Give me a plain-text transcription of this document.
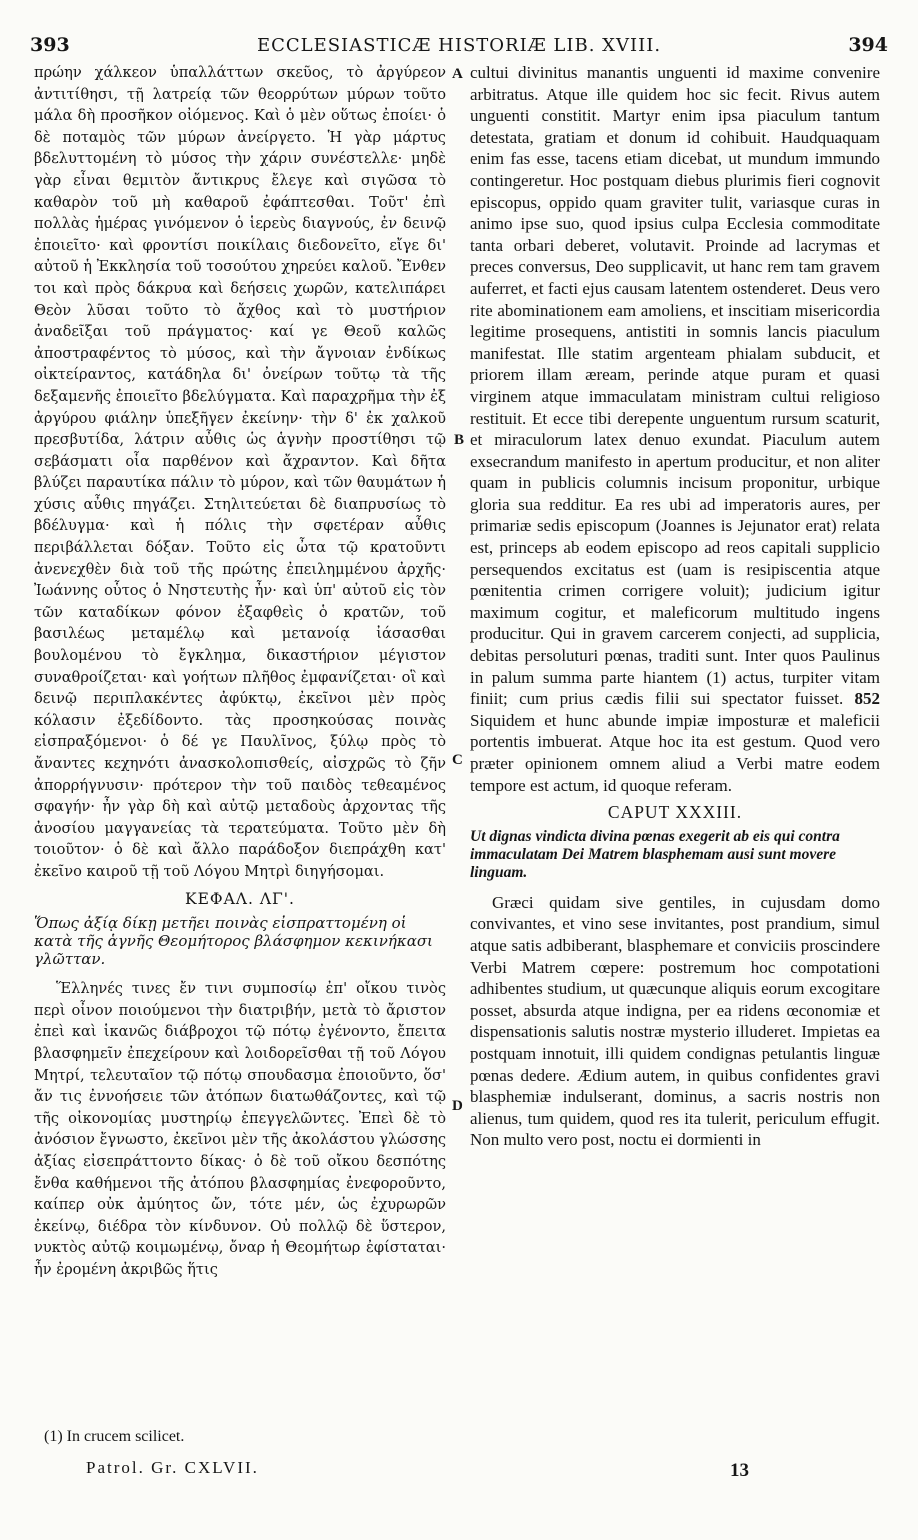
393	ECCLESIASTICÆ HISTORIÆ LIB. XVIII.	394

πρώην χάλκεον ὑπαλλάττων σκεῦος, τὸ ἀργύρεον ἀντιτίθησι, τῇ λατρείᾳ τῶν θεορρύτων μύρων τοῦτο μάλα δὴ προσῆκον οἰόμενος. Καὶ ὁ μὲν οὕτως ἐποίει· ὁ δὲ ποταμὸς τῶν μύρων ἀνείργετο. Ἡ γὰρ μάρτυς βδελυττομένη τὸ μύσος τὴν χάριν συνέστελλε· μηδὲ γὰρ εἶναι θεμιτὸν ἄντικρυς ἔλεγε καὶ σιγῶσα τὸ καθαρὸν τοῦ μὴ καθαροῦ ἐφάπτεσθαι. Τοῦτ' ἐπὶ πολλὰς ἡμέρας γινόμενον ὁ ἱερεὺς διαγνούς, ἐν δεινῷ ἐποιεῖτο· καὶ φροντίσι ποικίλαις διεδονεῖτο, εἴγε δι' αὐτοῦ ἡ Ἐκκλησία τοῦ τοσούτου χηρεύει καλοῦ. Ἔνθεν τοι καὶ πρὸς δάκρυα καὶ δεήσεις χωρῶν, κατελιπάρει Θεὸν λῦσαι τοῦτο τὸ ἄχθος καὶ τὸ μυστήριον ἀναδεῖξαι τοῦ πράγματος· καί γε Θεοῦ καλῶς ἀποστραφέντος τὸ μύσος, καὶ τὴν ἄγνοιαν ἐνδίκως οἰκτείραντος, κατάδηλα δι' ὀνείρων τοῦτῳ τὰ τῆς δεξαμενῆς ἐποιεῖτο βδελύγματα. Καὶ παραχρῆμα τὴν ἐξ ἀργύρου φιάλην ὑπεξῆγεν ἐκείνην· τὴν δ' ἐκ χαλκοῦ πρεσβυτίδα, λάτριν αὖθις ὡς ἁγνὴν προστίθησι τῷ σεβάσματι οἷα παρθένον καὶ ἄχραντον. Καὶ δῆτα βλύζει παραυτίκα πάλιν τὸ μύρον, καὶ τῶν θαυμάτων ἡ χύσις αὖθις πηγάζει. Στηλιτεύεται δὲ διαπρυσίως τὸ βδέλυγμα· καὶ ἡ πόλις τὴν σφετέραν αὖθις περιβάλλεται δόξαν. Τοῦτο εἰς ὦτα τῷ κρατοῦντι ἀνενεχθὲν διὰ τοῦ τῆς πρώτης ἐπειλημμένου ἀρχῆς· Ἰωάννης οὗτος ὁ Νηστευτὴς ἦν· καὶ ὑπ' αὐτοῦ εἰς τὸν τῶν καταδίκων φόνον ἐξαφθεὶς ὁ κρατῶν, τοῦ βασιλέως μεταμέλῳ καὶ μετανοίᾳ ἰάσασθαι βουλομένου τὸ ἔγκλημα, δικαστήριον μέγιστον συναθροίζεται· καὶ γοήτων πλῆθος ἐμφανίζεται· οἳ καὶ δεινῷ περιπλακέντες ἀφύκτῳ, ἐκεῖνοι μὲν πρὸς κόλασιν ἐξεδίδοντο. τὰς προσηκούσας ποινὰς εἰσπραξόμενοι· ὁ δέ γε Παυλῖνος, ξύλῳ πρὸς τὸ ἄναντες κεχηνότι ἀνασκολοπισθείς, αἰσχρῶς τὸ ζῆν ἀπορρήγνυσιν· πρότερον τὴν τοῦ παιδὸς τεθεαμένος σφαγήν· ἦν γὰρ δὴ καὶ αὐτῷ μεταδοὺς ἀρχοντας τῆς ἀνοσίου μαγγανείας τὰ τερατεύματα. Τοῦτο μὲν δὴ τοιοῦτον· ὁ δὲ καὶ ἄλλο παράδοξον διεπράχθη κατ' ἐκεῖνο καιροῦ τῇ τοῦ Λόγου Μητρὶ διηγήσομαι.

ΚΕΦΑΛ. ΛΓ'.

Ὅπως ἀξίᾳ δίκῃ μετῆει ποινὰς εἰσπραττομένη οἱ κατὰ τῆς ἁγνῆς Θεομήτορος βλάσφημον κεκινήκασι γλῶτταν.

Ἕλληνές τινες ἔν τινι συμποσίῳ ἐπ' οἴκου τινὸς περὶ οἶνον ποιούμενοι τὴν διατριβήν, μετὰ τὸ ἄριστον ἐπεὶ καὶ ἱκανῶς διάβροχοι τῷ πότῳ ἐγένοντο, ἔπειτα βλασφημεῖν ἐπεχείρουν καὶ λοιδορεῖσθαι τῇ τοῦ Λόγου Μητρί, τελευταῖον τῷ πότῳ σπουδασμα ἐποιοῦντο, ὅσ' ἄν τις ἐννοήσειε τῶν ἀτόπων διατωθάζοντες, καὶ τῷ τῆς οἰκονομίας μυστηρίῳ ἐπεγγελῶντες. Ἐπεὶ δὲ τὸ ἀνόσιον ἔγνωστο, ἐκεῖνοι μὲν τῆς ἀκολάστου γλώσσης ἀξίας εἰσεπράττοντο δίκας· ὁ δὲ τοῦ οἴκου δεσπότης ἔνθα καθήμενοι τῆς ἀτόπου βλασφημίας ἐνεφοροῦντο, καίπερ οὐκ ἀμύητος ὤν, τότε μέν, ὡς ἐχυρωρῶν ἐκείνῳ, διέδρα τὸν κίνδυνον. Οὐ πολλῷ δὲ ὕστερον, νυκτὸς αὐτῷ κοιμωμένῳ, ὄναρ ἡ Θεομήτωρ ἐφίσταται· ἦν ἐρομένη ἀκριβῶς ἥτις

A
B
C
D

cultui divinitus manantis unguenti id maxime convenire arbitratus. Atque ille quidem hoc sic fecit. Rivus autem unguenti constitit. Martyr enim ipsa piaculum tantum detestata, gratiam et donum id cohibuit. Haudquaquam enim fas esse, tacens etiam dicebat, ut mundum immundo contingeretur. Hoc postquam diebus plurimis fieri cognovit episcopus, oppido quam graviter tulit, variasque curas in animo ipse suo, quod ipsius culpa Ecclesia commoditate tanta orbari deberet, volutavit. Proinde ad lacrymas et preces conversus, Deo supplicavit, ut hanc rem tam gravem auferret, et facti ejus causam latentem ostenderet. Deus vero rite abominationem eam amoliens, et inscitiam misericordia legitime prosequens, antistiti in somnis lancis piaculum manifestat. Ille statim argenteam phialam subducit, et priorem illam æream, perinde atque puram et quasi virginem atque immaculatam ministram cultui religioso restituit. Et ecce tibi derepente unguentum rursum scaturit, et miraculorum latex denuo exundat. Piaculum autem exsecrandum manifesto in apertum producitur, et non aliter quam in publicis columnis incisum proponitur, urbique gloria sua redditur. Ea res ubi ad imperatoris aures, per primariæ sedis episcopum (Joannes is Jejunator erat) relata est, princeps ab eodem episcopo ad reos capitali supplicio persequendos excitatus est (uam is resipiscentia atque pœnitentia crimen corrigere voluit); judicium igitur maximum cogitur, et maleficorum multitudo ingens producitur. Qui in gravem carcerem conjecti, ad supplicia, debitas persoluturi pœnas, traditi sunt. Inter quos Paulinus in palum summa parte hiantem (1) actus, turpiter vitam finiit; cum prius cædis filii sui spectator fuisset. 852 Siquidem et hunc abunde impiæ imposturæ et maleficii portentis imbuerat. Atque hoc ita est gestum. Quod vero præter opinionem omnem aliud a Verbi matre eodem tempore est actum, id quoque referam.

CAPUT XXXIII.

Ut dignas vindicta divina pœnas exegerit ab eis qui contra immaculatam Dei Matrem blasphemam ausi sunt movere linguam.

Græci quidam sive gentiles, in cujusdam domo convivantes, et vino sese invitantes, post prandium, simul atque satis adbiberant, blasphemare et conviciis proscindere Verbi Matrem cœpere: postremum hoc compotationi adhibentes studium, ut quæcunque aliquis eorum excogitare posset, absurda atque indigna, per ea ridens œconomiæ et dispensationis salutis nostræ mysterio illuderet. Impietas ea postquam innotuit, illi quidem condignas petulantis linguæ pœnas dedere. Ædium autem, in quibus confidentes gravi blasphemiæ indulserant, dominus, a sacris nostris non alienus, tum quidem, quod res ita tulerit, periculum effugit. Non multo vero post, noctu ei dormienti in

(1) In crucem scilicet.
Patrol. Gr. CXLVII.	13
